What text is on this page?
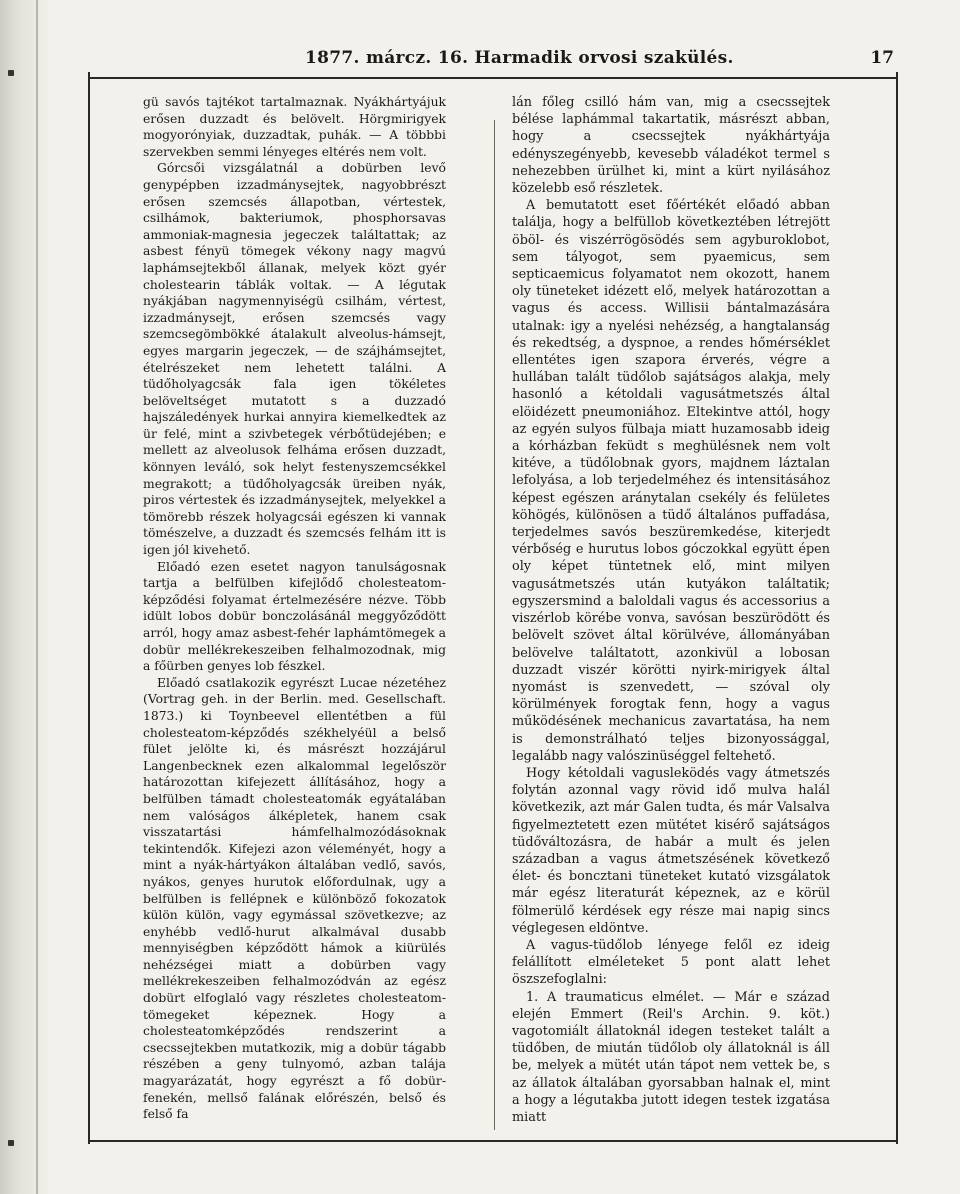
1877. márcz. 16. Harmadik orvosi szakülés.	17

gü savós tajtékot tartalmaznak. Nyákhártyájuk erősen duzzadt és belövelt. Hörgmirigyek mogyorónyiak, duzzadtak, puhák. — A többbi szervekben semmi lényeges eltérés nem volt.

Górcsői vizsgálatnál a dobürben levő genypépben izzadmánysejtek, nagyobbrészt erősen szemcsés állapotban, vértestek, csilhámok, bakteriumok, phosphorsavas ammoniak-magnesia jegeczek találtattak; az asbest fényü tömegek vékony nagy magvú laphámsejtekből állanak, melyek közt gyér cholestearin táblák voltak. — A légutak nyákjában nagymennyiségü csilhám, vértest, izzadmánysejt, erősen szemcsés vagy szemcsegömbökké átalakult alveolus-hámsejt, egyes margarin jegeczek, — de szájhámsejtet, ételrészeket nem lehetett találni. A tüdőholyagcsák fala igen tökéletes belöveltséget mutatott s a duzzadó hajszáledények hurkai annyira kiemelkedtek az ür felé, mint a szivbetegek vérbőtüdejében; e mellett az alveolusok felháma erősen duzzadt, könnyen leváló, sok helyt festenyszemcsékkel megrakott; a tüdőholyagcsák üreiben nyák, piros vértestek és izzadmánysejtek, melyekkel a tömörebb részek holyagcsái egészen ki vannak tömészelve, a duzzadt és szemcsés felhám itt is igen jól kivehető.

Előadó ezen esetet nagyon tanulságosnak tartja a belfülben kifejlődő cholesteatom-képződési folyamat értelmezésére nézve. Több idült lobos dobür bonczolásánál meggyőződött arról, hogy amaz asbest-fehér laphámtömegek a dobür mellékrekeszeiben felhalmozodnak, mig a főürben genyes lob fészkel.

Előadó csatlakozik egyrészt Lucae nézetéhez (Vortrag geh. in der Berlin. med. Gesellschaft. 1873.) ki Toynbeevel ellentétben a fül cholesteatom-képződés székhelyéül a belső fület jelölte ki, és másrészt hozzájárul Langenbecknek ezen alkalommal legelőször határozottan kifejezett állításához, hogy a belfülben támadt cholesteatomák egyátalában nem valóságos álképletek, hanem csak visszatartási hámfelhalmozódásoknak tekintendők. Kifejezi azon véleményét, hogy a mint a nyák-hártyákon általában vedlő, savós, nyákos, genyes hurutok előfordulnak, ugy a belfülben is fellépnek e különböző fokozatok külön külön, vagy egymással szövetkezve; az enyhébb vedlő-hurut alkalmával dusabb mennyiségben képződött hámok a kiürülés nehézségei miatt a dobürben vagy mellékrekeszeiben felhalmozódván az egész dobürt elfoglaló vagy részletes cholesteatom-tömegeket képeznek. Hogy a cholesteatomképződés rendszerint a csecssejtekben mutatkozik, mig a dobür tágabb részében a geny tulnyomó, azban talája magyarázatát, hogy egyrészt a fő dobür-fenekén, mellső falának előrészén, belső és felső fa

lán főleg csilló hám van, mig a csecssejtek bélése laphámmal takartatik, másrészt abban, hogy a csecssejtek nyákhártyája edényszegényebb, kevesebb váladékot termel s nehezebben ürülhet ki, mint a kürt nyilásához közelebb eső részletek.

A bemutatott eset főértékét előadó abban találja, hogy a belfüllob következtében létrejött öböl- és viszérrögösödés sem agyburoklobot, sem tályogot, sem pyaemicus, sem septicaemicus folyamatot nem okozott, hanem oly tüneteket idézett elő, melyek határozottan a vagus és access. Willisii bántalmazására utalnak: igy a nyelési nehézség, a hangtalanság és rekedtség, a dyspnoe, a rendes hőmérséklet ellentétes igen szapora érverés, végre a hullában talált tüdőlob sajátságos alakja, mely hasonló a kétoldali vagusátmetszés által elöidézett pneumoniához. Eltekintve attól, hogy az egyén sulyos fülbaja miatt huzamosabb ideig a kórházban feküdt s meghülésnek nem volt kitéve, a tüdőlobnak gyors, majdnem láztalan lefolyása, a lob terjedelméhez és intensitásához képest egészen aránytalan csekély és felületes köhögés, különösen a tüdő általános puffadása, terjedelmes savós beszüremkedése, kiterjedt vérbőség e hurutus lobos góczokkal együtt épen oly képet tüntetnek elő, mint milyen vagusátmetszés után kutyákon találtatik; egyszersmind a baloldali vagus és accessorius a viszérlob körébe vonva, savósan beszürödött és belövelt szövet által körülvéve, állományában belövelve találtatott, azonkivül a lobosan duzzadt viszér körötti nyirk-mirigyek által nyomást is szenvedett, — szóval oly körülmények forogtak fenn, hogy a vagus működésének mechanicus zavartatása, ha nem is demonstrálható teljes bizonyossággal, legalább nagy valószinüséggel feltehető.

Hogy kétoldali vagusleködés vagy átmetszés folytán azonnal vagy rövid idő mulva halál következik, azt már Galen tudta, és már Valsalva figyelmeztetett ezen mütétet kisérő sajátságos tüdőváltozásra, de habár a mult és jelen században a vagus átmetszésének következő élet- és boncztani tüneteket kutató vizsgálatok már egész literaturát képeznek, az e körül fölmerülő kérdések egy része mai napig sincs véglegesen eldöntve.

A vagus-tüdőlob lényege felől ez ideig felállított elméleteket 5 pont alatt lehet öszszefoglalni:

1. A traumaticus elmélet. — Már e század elején Emmert (Reil's Archin. 9. köt.) vagotomiált állatoknál idegen testeket talált a tüdőben, de miután tüdőlob oly állatoknál is áll be, melyek a mütét után tápot nem vettek be, s az állatok általában gyorsabban halnak el, mint a hogy a légutakba jutott idegen testek izgatása miatt
